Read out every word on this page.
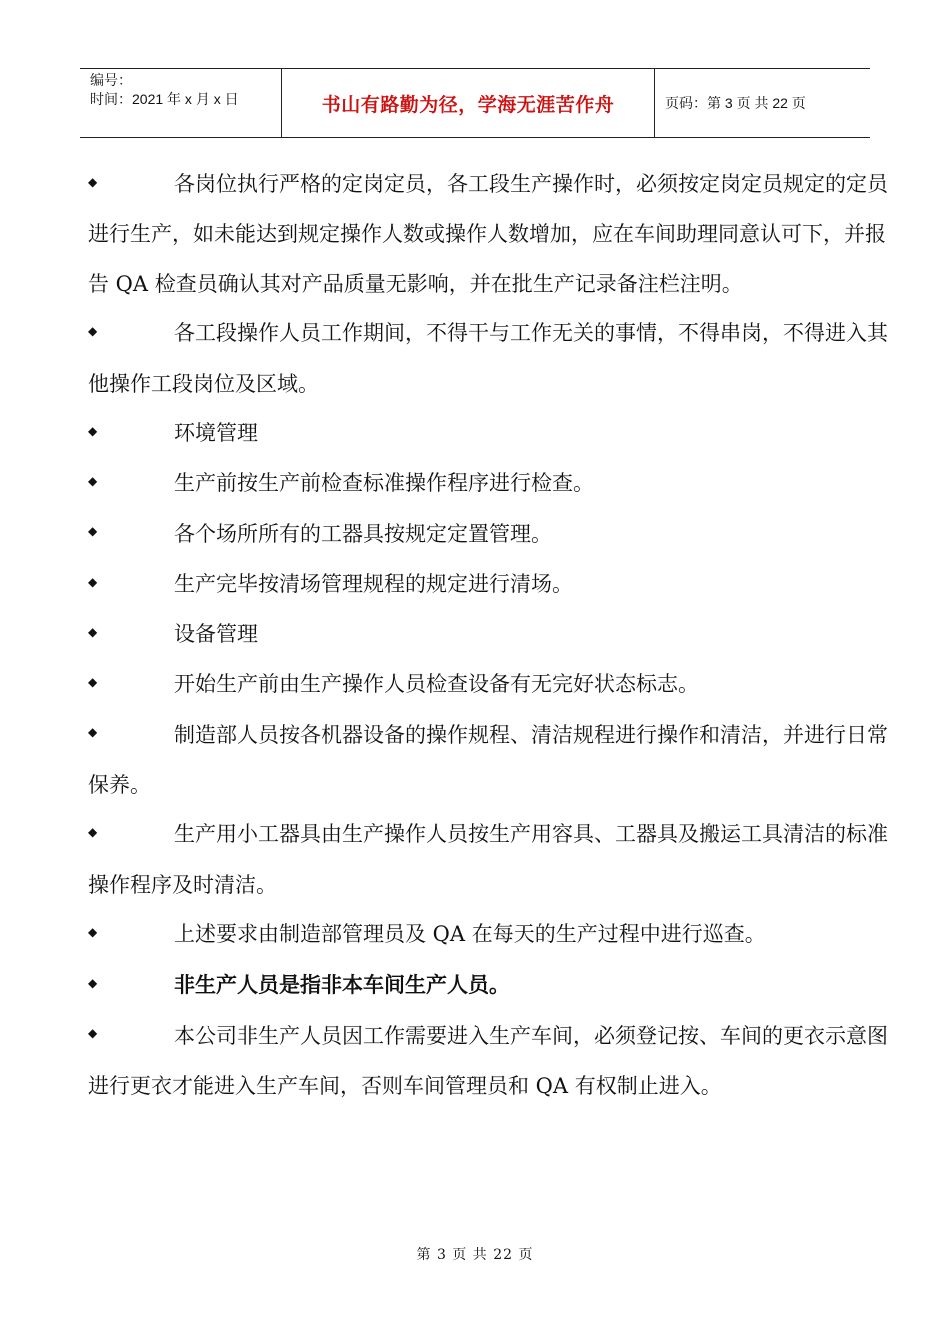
编号：
时间：2021 年 x 月 x 日	书山有路勤为径，学海无涯苦作舟	页码：第 3 页 共 22 页

◆	各岗位执行严格的定岗定员，各工段生产操作时，必须按定岗定员规定的定员进行生产，如未能达到规定操作人数或操作人数增加，应在车间助理同意认可下，并报告 QA 检查员确认其对产品质量无影响，并在批生产记录备注栏注明。

◆	各工段操作人员工作期间，不得干与工作无关的事情，不得串岗，不得进入其他操作工段岗位及区域。

◆	环境管理

◆	生产前按生产前检查标准操作程序进行检查。

◆	各个场所所有的工器具按规定定置管理。

◆	生产完毕按清场管理规程的规定进行清场。

◆	设备管理

◆	开始生产前由生产操作人员检查设备有无完好状态标志。

◆	制造部人员按各机器设备的操作规程、清洁规程进行操作和清洁，并进行日常保养。

◆	生产用小工器具由生产操作人员按生产用容具、工器具及搬运工具清洁的标准操作程序及时清洁。

◆	上述要求由制造部管理员及 QA 在每天的生产过程中进行巡查。

◆	非生产人员是指非本车间生产人员。

◆	本公司非生产人员因工作需要进入生产车间，必须登记按、车间的更衣示意图进行更衣才能进入生产车间，否则车间管理员和 QA 有权制止进入。

第 3 页 共 22 页
